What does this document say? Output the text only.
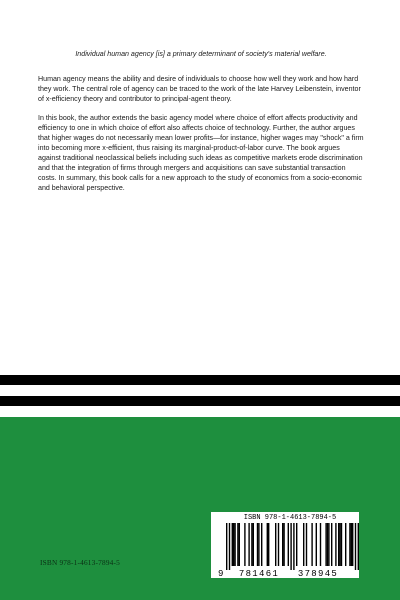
Individual human agency [is] a primary determinant of society's material welfare.

Human agency means the ability and desire of individuals to choose how well they work and how hard they work. The central role of agency can be traced to the work of the late Harvey Leibenstein, inventor of x-efficiency theory and contributor to principal-agent theory.

In this book, the author extends the basic agency model where choice of effort affects productivity and efficiency to one in which choice of effort also affects choice of technology. Further, the author argues that higher wages do not necessarily mean lower profits—for instance, higher wages may "shock" a firm into becoming more x-efficient, thus raising its marginal-product-of-labor curve. The book argues against traditional neoclassical beliefs including such ideas as competitive markets erode discrimination and that the integration of firms through mergers and acquisitions can save substantial transaction costs. In summary, this book calls for a new approach to the study of economics from a socio-economic and behavioral perspective.

ISBN 978-1-4613-7894-5
ISBN 978-1-4613-7894-5
9 781461 378945
